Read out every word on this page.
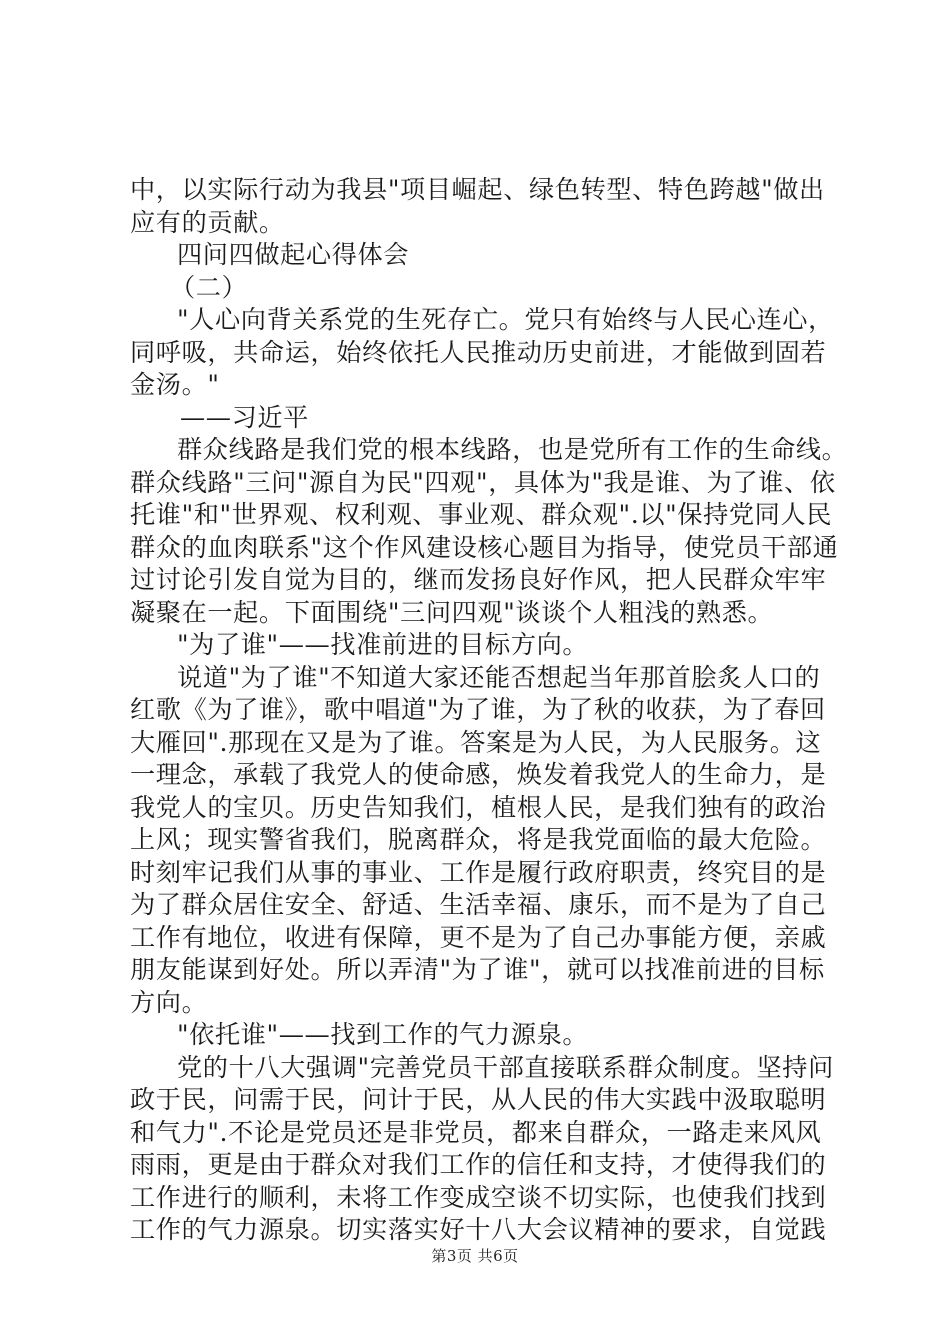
中，以实际行动为我县"项目崛起、绿色转型、特色跨越"做出
应有的贡献。
四问四做起心得体会
（二）
"人心向背关系党的生死存亡。党只有始终与人民心连心，
同呼吸，共命运，始终依托人民推动历史前进，才能做到固若
金汤。"
——习近平
群众线路是我们党的根本线路，也是党所有工作的生命线。
群众线路"三问"源自为民"四观"，具体为"我是谁、为了谁、依
托谁"和"世界观、权利观、事业观、群众观".以"保持党同人民
群众的血肉联系"这个作风建设核心题目为指导，使党员干部通
过讨论引发自觉为目的，继而发扬良好作风，把人民群众牢牢
凝聚在一起。下面围绕"三问四观"谈谈个人粗浅的熟悉。
"为了谁"——找准前进的目标方向。
说道"为了谁"不知道大家还能否想起当年那首脍炙人口的
红歌《为了谁》，歌中唱道"为了谁，为了秋的收获，为了春回
大雁回".那现在又是为了谁。答案是为人民，为人民服务。这
一理念，承载了我党人的使命感，焕发着我党人的生命力，是
我党人的宝贝。历史告知我们，植根人民，是我们独有的政治
上风；现实警省我们，脱离群众，将是我党面临的最大危险。
时刻牢记我们从事的事业、工作是履行政府职责，终究目的是
为了群众居住安全、舒适、生活幸福、康乐，而不是为了自己
工作有地位，收进有保障，更不是为了自己办事能方便，亲戚
朋友能谋到好处。所以弄清"为了谁"，就可以找准前进的目标
方向。
"依托谁"——找到工作的气力源泉。
党的十八大强调"完善党员干部直接联系群众制度。坚持问
政于民，问需于民，问计于民，从人民的伟大实践中汲取聪明
和气力".不论是党员还是非党员，都来自群众，一路走来风风
雨雨，更是由于群众对我们工作的信任和支持，才使得我们的
工作进行的顺利，未将工作变成空谈不切实际，也使我们找到
工作的气力源泉。切实落实好十八大会议精神的要求，自觉践
第3页 共6页
